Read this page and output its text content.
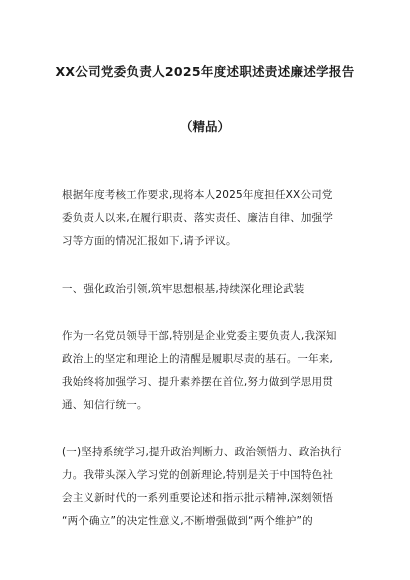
XX公司党委负责人2025年度述职述责述廉述学报告
（精品）
根据年度考核工作要求,现将本人2025年度担任XX公司党
委负责人以来,在履行职责、落实责任、廉洁自律、加强学
习等方面的情况汇报如下,请予评议。
一、强化政治引领,筑牢思想根基,持续深化理论武装
作为一名党员领导干部,特别是企业党委主要负责人,我深知
政治上的坚定和理论上的清醒是履职尽责的基石。一年来,
我始终将加强学习、提升素养摆在首位,努力做到学思用贯
通、知信行统一。
(一)坚持系统学习,提升政治判断力、政治领悟力、政治执行
力。我带头深入学习党的创新理论,特别是关于中国特色社
会主义新时代的一系列重要论述和指示批示精神,深刻领悟
“两个确立”的决定性意义,不断增强做到“两个维护”的
